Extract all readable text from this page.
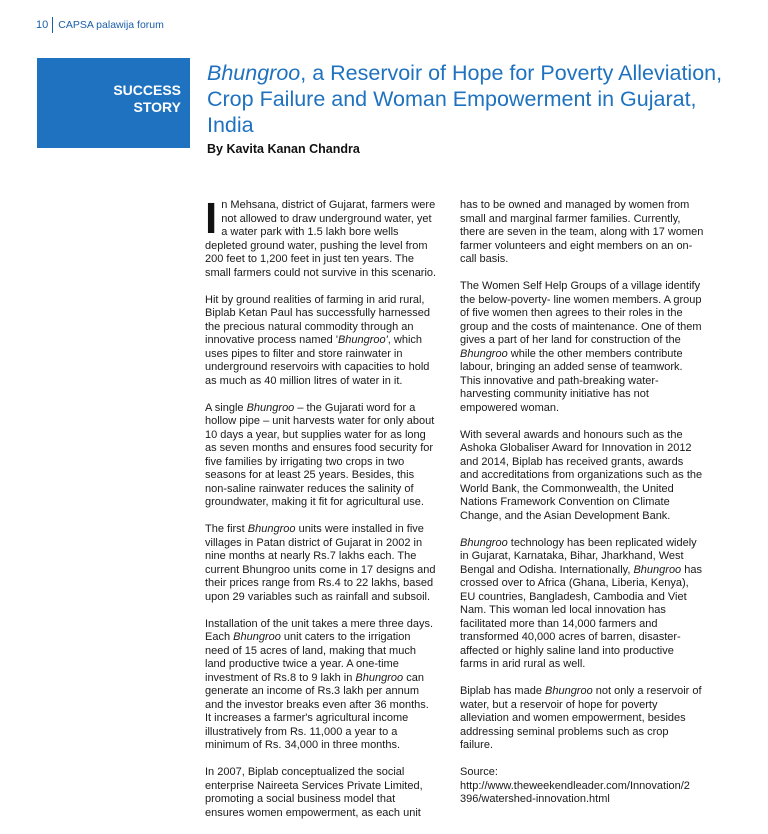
10 CAPSA palawija forum
SUCCESS
STORY
Bhungroo, a Reservoir of Hope for Poverty Alleviation, Crop Failure and Woman Empowerment in Gujarat, India
By Kavita Kanan Chandra

In Mehsana, district of Gujarat, farmers were not allowed to draw underground water, yet a water park with 1.5 lakh bore wells depleted ground water, pushing the level from 200 feet to 1,200 feet in just ten years. The small farmers could not survive in this scenario.

Hit by ground realities of farming in arid rural, Biplab Ketan Paul has successfully harnessed the precious natural commodity through an innovative process named 'Bhungroo', which uses pipes to filter and store rainwater in underground reservoirs with capacities to hold as much as 40 million litres of water in it.

A single Bhungroo – the Gujarati word for a hollow pipe – unit harvests water for only about 10 days a year, but supplies water for as long as seven months and ensures food security for five families by irrigating two crops in two seasons for at least 25 years. Besides, this non-saline rainwater reduces the salinity of groundwater, making it fit for agricultural use.

The first Bhungroo units were installed in five villages in Patan district of Gujarat in 2002 in nine months at nearly Rs.7 lakhs each. The current Bhungroo units come in 17 designs and their prices range from Rs.4 to 22 lakhs, based upon 29 variables such as rainfall and subsoil.

Installation of the unit takes a mere three days. Each Bhungroo unit caters to the irrigation need of 15 acres of land, making that much land productive twice a year. A one-time investment of Rs.8 to 9 lakh in Bhungroo can generate an income of Rs.3 lakh per annum and the investor breaks even after 36 months. It increases a farmer's agricultural income illustratively from Rs. 11,000 a year to a minimum of Rs. 34,000 in three months.

In 2007, Biplab conceptualized the social enterprise Naireeta Services Private Limited, promoting a social business model that ensures women empowerment, as each unit

has to be owned and managed by women from small and marginal farmer families. Currently, there are seven in the team, along with 17 women farmer volunteers and eight members on an on-call basis.

The Women Self Help Groups of a village identify the below-poverty- line women members. A group of five women then agrees to their roles in the group and the costs of maintenance. One of them gives a part of her land for construction of the Bhungroo while the other members contribute labour, bringing an added sense of teamwork. This innovative and path-breaking water-harvesting community initiative has not empowered woman.

With several awards and honours such as the Ashoka Globaliser Award for Innovation in 2012 and 2014, Biplab has received grants, awards and accreditations from organizations such as the World Bank, the Commonwealth, the United Nations Framework Convention on Climate Change, and the Asian Development Bank.

Bhungroo technology has been replicated widely in Gujarat, Karnataka, Bihar, Jharkhand, West Bengal and Odisha. Internationally, Bhungroo has crossed over to Africa (Ghana, Liberia, Kenya), EU countries, Bangladesh, Cambodia and Viet Nam. This woman led local innovation has facilitated more than 14,000 farmers and transformed 40,000 acres of barren, disaster-affected or highly saline land into productive farms in arid rural as well.

Biplab has made Bhungroo not only a reservoir of water, but a reservoir of hope for poverty alleviation and women empowerment, besides addressing seminal problems such as crop failure.

Source:
http://www.theweekendleader.com/Innovation/2
396/watershed-innovation.html
